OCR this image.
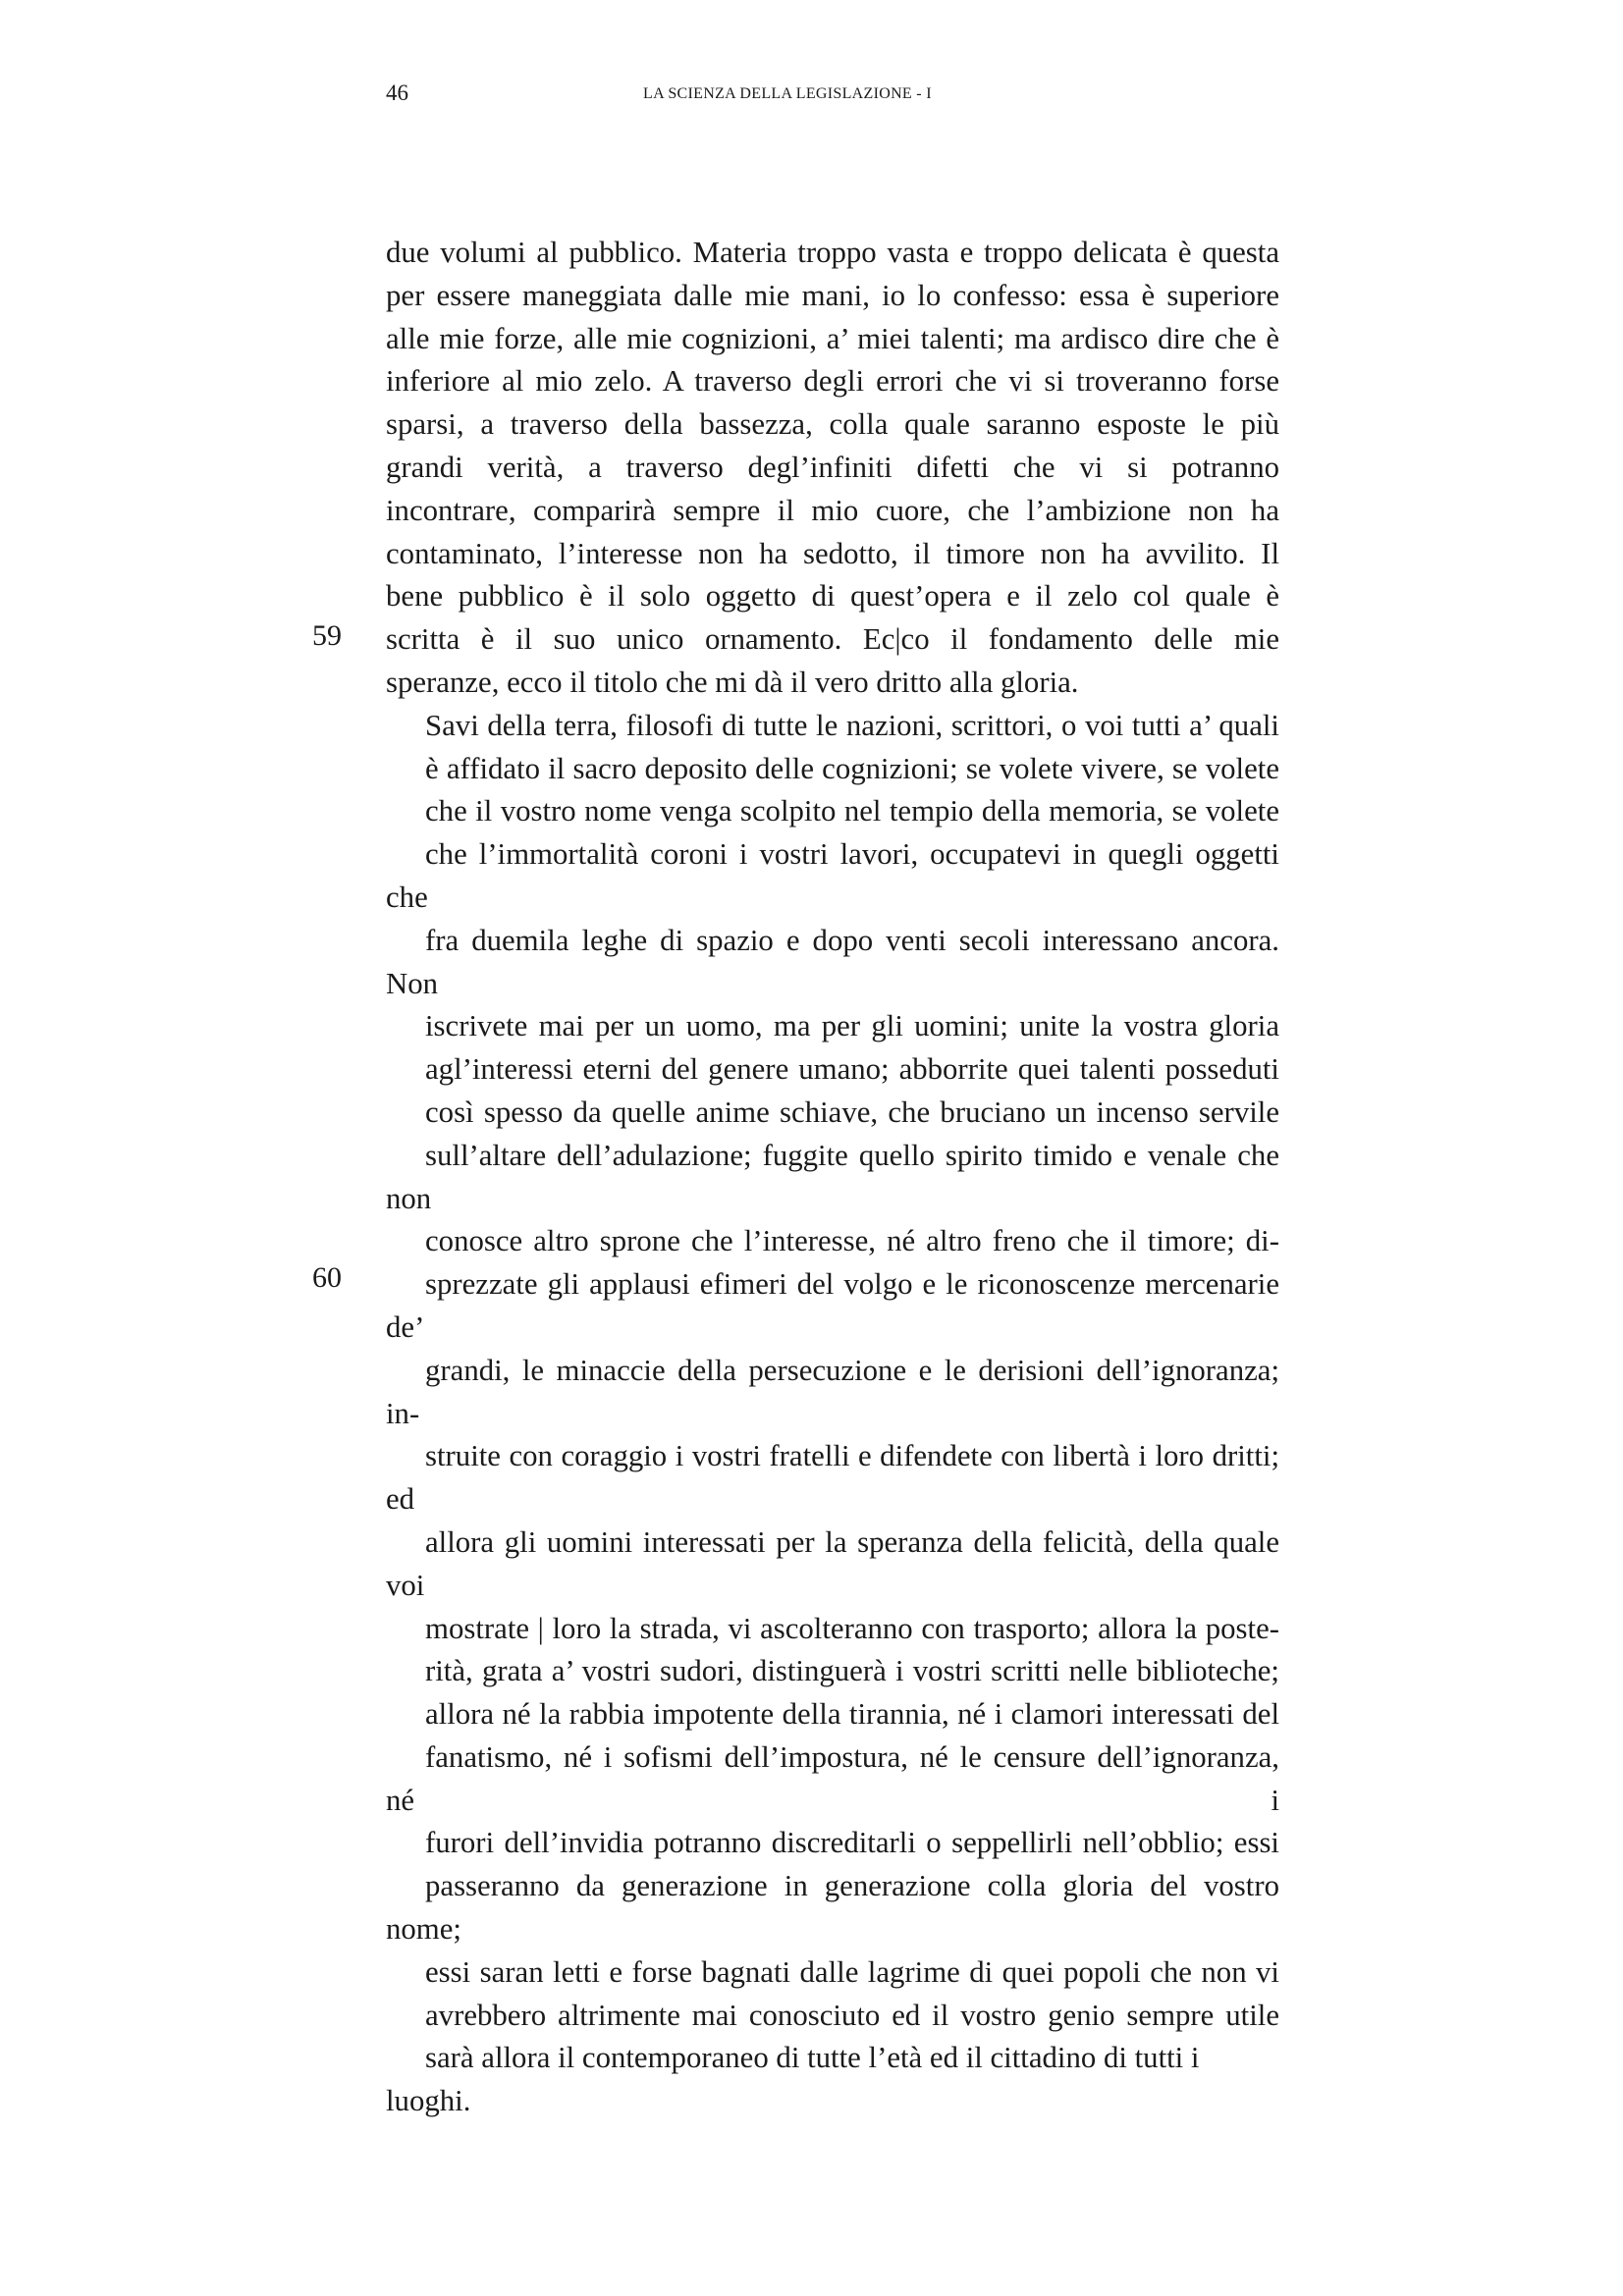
46	LA SCIENZA DELLA LEGISLAZIONE - I
59
60

due volumi al pubblico. Materia troppo vasta e troppo delicata è questa
per essere maneggiata dalle mie mani, io lo confesso: essa è superiore
alle mie forze, alle mie cognizioni, a’ miei talenti; ma ardisco dire che è
inferiore al mio zelo. A traverso degli errori che vi si troveranno forse
sparsi, a traverso della bassezza, colla quale saranno esposte le più
grandi verità, a traverso degl’infiniti difetti che vi si potranno
incontrare, comparirà sempre il mio cuore, che l’ambizione non ha
contaminato, l’interesse non ha sedotto, il timore non ha avvilito. Il
bene pubblico è il solo oggetto di quest’opera e il zelo col quale è
scritta è il suo unico ornamento. Ec|co il fondamento delle mie
speranze, ecco il titolo che mi dà il vero dritto alla gloria.

Savi della terra, filosofi di tutte le nazioni, scrittori, o voi tutti a’ quali
è affidato il sacro deposito delle cognizioni; se volete vivere, se volete
che il vostro nome venga scolpito nel tempio della memoria, se volete
che l’immortalità coroni i vostri lavori, occupatevi in quegli oggetti che
fra duemila leghe di spazio e dopo venti secoli interessano ancora. Non
iscrivete mai per un uomo, ma per gli uomini; unite la vostra gloria
agl’interessi eterni del genere umano; abborrite quei talenti posseduti
così spesso da quelle anime schiave, che bruciano un incenso servile
sull’altare dell’adulazione; fuggite quello spirito timido e venale che non
conosce altro sprone che l’interesse, né altro freno che il timore; di-
sprezzate gli applausi efimeri del volgo e le riconoscenze mercenarie de’
grandi, le minaccie della persecuzione e le derisioni dell’ignoranza; in-
struite con coraggio i vostri fratelli e difendete con libertà i loro dritti; ed
allora gli uomini interessati per la speranza della felicità, della quale voi
mostrate | loro la strada, vi ascolteranno con trasporto; allora la poste-
rità, grata a’ vostri sudori, distinguerà i vostri scritti nelle biblioteche;
allora né la rabbia impotente della tirannia, né i clamori interessati del
fanatismo, né i sofismi dell’impostura, né le censure dell’ignoranza, né i
furori dell’invidia potranno discreditarli o seppellirli nell’obblio; essi
passeranno da generazione in generazione colla gloria del vostro nome;
essi saran letti e forse bagnati dalle lagrime di quei popoli che non vi
avrebbero altrimente mai conosciuto ed il vostro genio sempre utile
sarà allora il contemporaneo di tutte l’età ed il cittadino di tutti i luoghi.
